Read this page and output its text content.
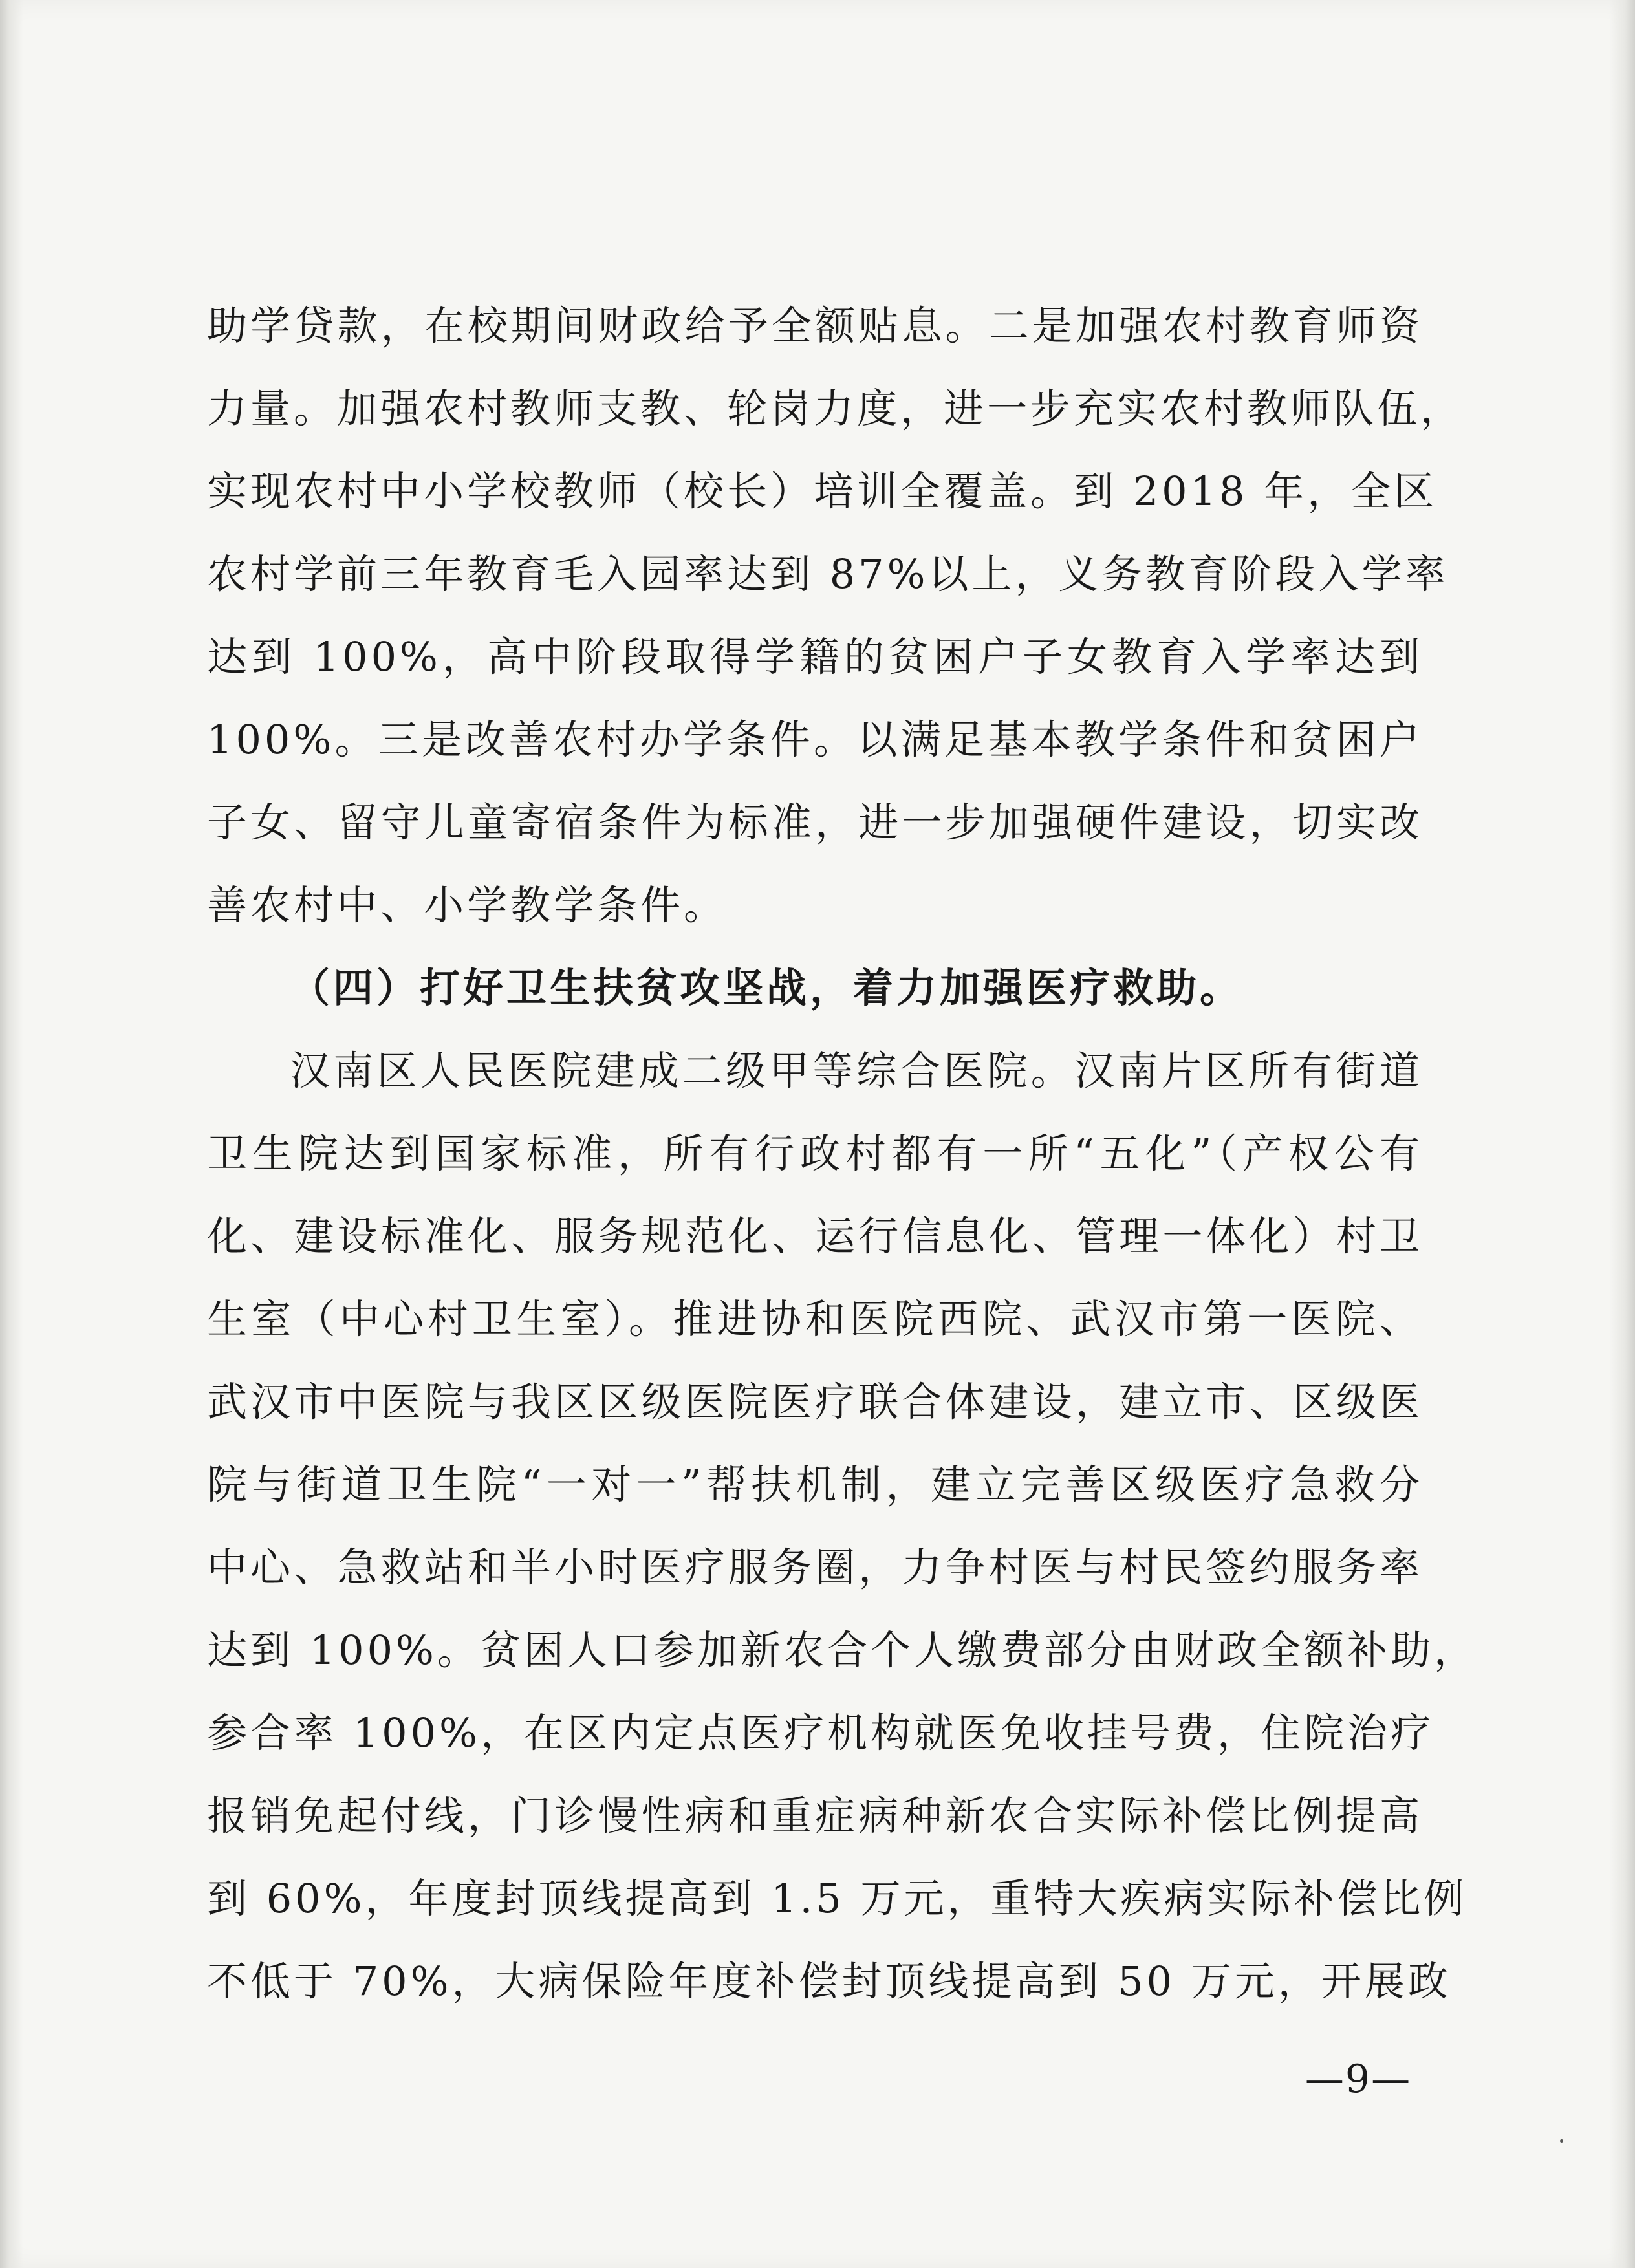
助学贷款，在校期间财政给予全额贴息。二是加强农村教育师资
力量。加强农村教师支教、轮岗力度，进一步充实农村教师队伍，
实现农村中小学校教师（校长）培训全覆盖。到 2018 年，全区
农村学前三年教育毛入园率达到 87%以上，义务教育阶段入学率
达到 100%，高中阶段取得学籍的贫困户子女教育入学率达到
100%。三是改善农村办学条件。以满足基本教学条件和贫困户
子女、留守儿童寄宿条件为标准，进一步加强硬件建设，切实改
善农村中、小学教学条件。
（四）打好卫生扶贫攻坚战，着力加强医疗救助。
汉南区人民医院建成二级甲等综合医院。汉南片区所有街道
卫生院达到国家标准，所有行政村都有一所“五化”（产权公有
化、建设标准化、服务规范化、运行信息化、管理一体化）村卫
生室（中心村卫生室）。推进协和医院西院、武汉市第一医院、
武汉市中医院与我区区级医院医疗联合体建设，建立市、区级医
院与街道卫生院“一对一”帮扶机制，建立完善区级医疗急救分
中心、急救站和半小时医疗服务圈，力争村医与村民签约服务率
达到 100%。贫困人口参加新农合个人缴费部分由财政全额补助，
参合率 100%，在区内定点医疗机构就医免收挂号费，住院治疗
报销免起付线，门诊慢性病和重症病种新农合实际补偿比例提高
到 60%，年度封顶线提高到 1.5 万元，重特大疾病实际补偿比例
不低于 70%，大病保险年度补偿封顶线提高到 50 万元，开展政
—9—
